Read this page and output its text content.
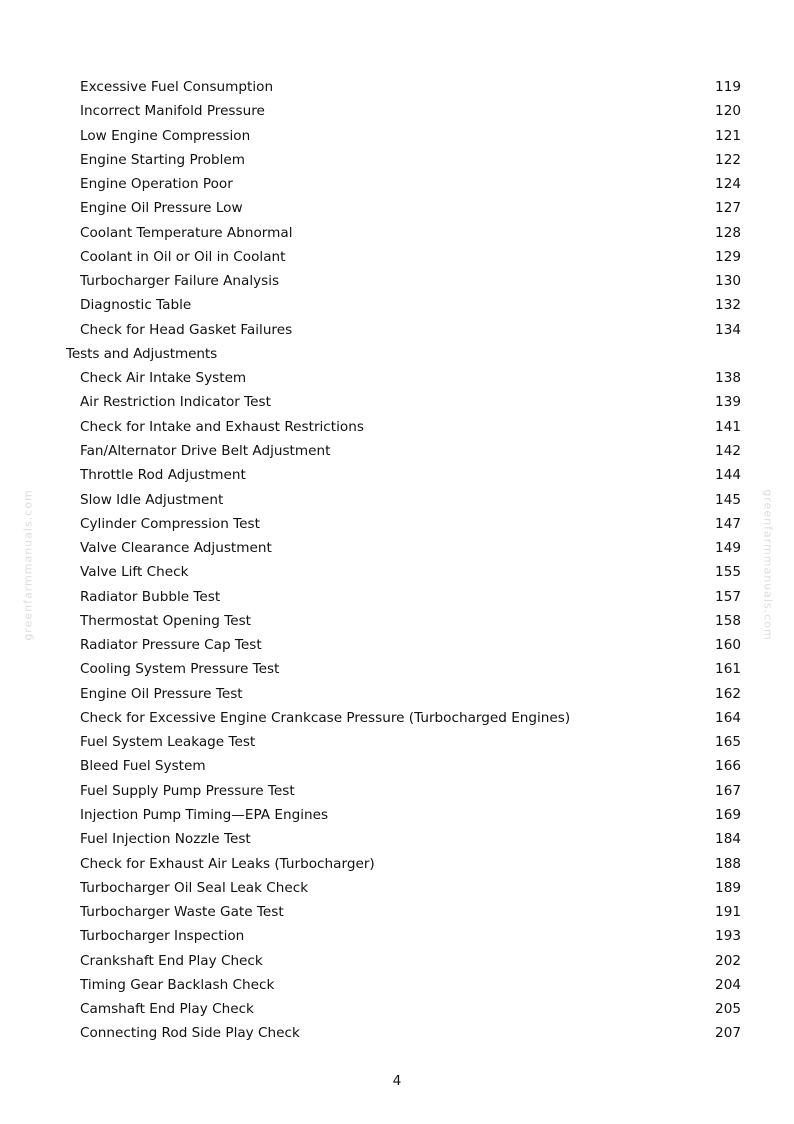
greenfarmmanuals.com	greenfarmmanuals.com
Excessive Fuel Consumption	119
Incorrect Manifold Pressure	120
Low Engine Compression	121
Engine Starting Problem	122
Engine Operation Poor	124
Engine Oil Pressure Low	127
Coolant Temperature Abnormal	128
Coolant in Oil or Oil in Coolant	129
Turbocharger Failure Analysis	130
Diagnostic Table	132
Check for Head Gasket Failures	134
Tests and Adjustments
Check Air Intake System	138
Air Restriction Indicator Test	139
Check for Intake and Exhaust Restrictions	141
Fan/Alternator Drive Belt Adjustment	142
Throttle Rod Adjustment	144
Slow Idle Adjustment	145
Cylinder Compression Test	147
Valve Clearance Adjustment	149
Valve Lift Check	155
Radiator Bubble Test	157
Thermostat Opening Test	158
Radiator Pressure Cap Test	160
Cooling System Pressure Test	161
Engine Oil Pressure Test	162
Check for Excessive Engine Crankcase Pressure (Turbocharged Engines)	164
Fuel System Leakage Test	165
Bleed Fuel System	166
Fuel Supply Pump Pressure Test	167
Injection Pump Timing—EPA Engines	169
Fuel Injection Nozzle Test	184
Check for Exhaust Air Leaks (Turbocharger)	188
Turbocharger Oil Seal Leak Check	189
Turbocharger Waste Gate Test	191
Turbocharger Inspection	193
Crankshaft End Play Check	202
Timing Gear Backlash Check	204
Camshaft End Play Check	205
Connecting Rod Side Play Check	207
4
